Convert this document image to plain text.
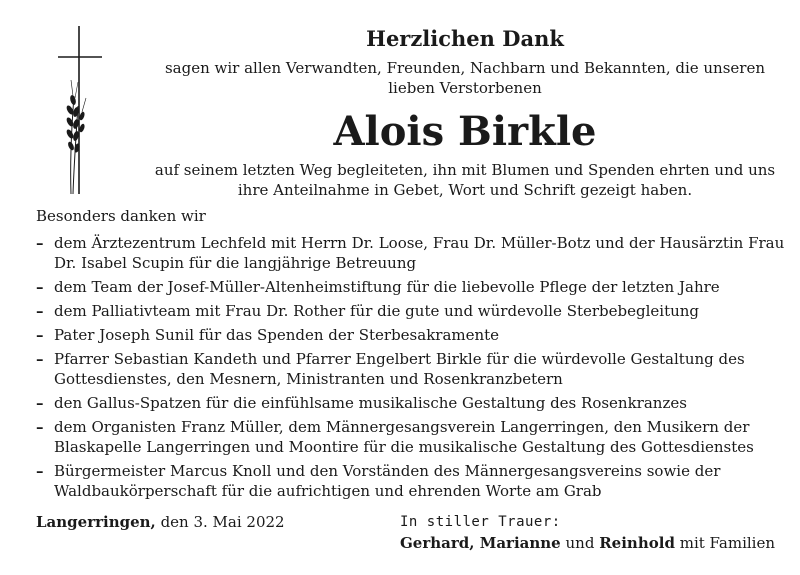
Herzlichen Dank
sagen wir allen Verwandten, Freunden, Nachbarn und Bekannten, die unseren lieben Verstorbenen
Alois Birkle
auf seinem letzten Weg begleiteten, ihn mit Blumen und Spenden ehrten und uns ihre Anteilnahme in Gebet, Wort und Schrift gezeigt haben.
Besonders danken wir
– dem Ärztezentrum Lechfeld mit Herrn Dr. Loose, Frau Dr. Müller-Botz und der Hausärztin Frau Dr. Isabel Scupin für die langjährige Betreuung
– dem Team der Josef-Müller-Altenheimstiftung für die liebevolle Pflege der letzten Jahre
– dem Palliativteam mit Frau Dr. Rother für die gute und würdevolle Sterbebegleitung
– Pater Joseph Sunil für das Spenden der Sterbesakramente
– Pfarrer Sebastian Kandeth und Pfarrer Engelbert Birkle für die würdevolle Gestaltung des Gottesdienstes, den Mesnern, Ministranten und Rosenkranzbetern
– den Gallus-Spatzen für die einfühlsame musikalische Gestaltung des Rosenkranzes
– dem Organisten Franz Müller, dem Männergesangsverein Langerringen, den Musikern der Blaskapelle Langerringen und Moontire für die musikalische Gestaltung des Gottesdienstes
– Bürgermeister Marcus Knoll und den Vorständen des Männergesangsvereins sowie der Waldbaukörperschaft für die aufrichtigen und ehrenden Worte am Grab
Langerringen, den 3. Mai 2022	In stiller Trauer:
Gerhard, Marianne und Reinhold mit Familien
